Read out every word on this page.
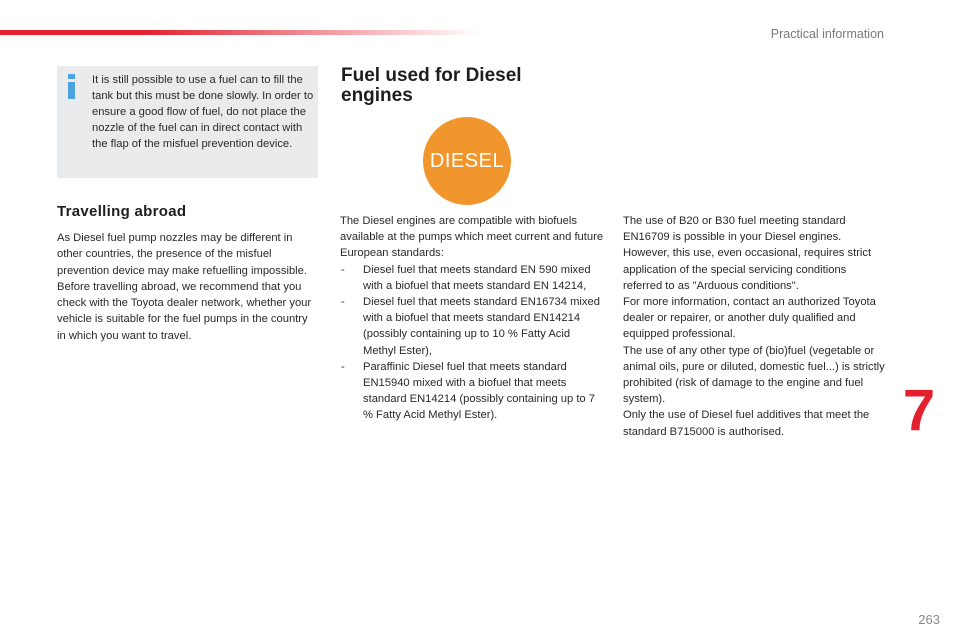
Practical information
It is still possible to use a fuel can to fill the tank but this must be done slowly. In order to ensure a good flow of fuel, do not place the nozzle of the fuel can in direct contact with the flap of the misfuel prevention device.
Travelling abroad
As Diesel fuel pump nozzles may be different in other countries, the presence of the misfuel prevention device may make refuelling impossible.
Before travelling abroad, we recommend that you check with the Toyota dealer network, whether your vehicle is suitable for the fuel pumps in the country in which you want to travel.
Fuel used for Diesel engines
DIESEL
The Diesel engines are compatible with biofuels available at the pumps which meet current and future European standards:
- Diesel fuel that meets standard EN 590 mixed with a biofuel that meets standard EN 14214,
- Diesel fuel that meets standard EN16734 mixed with a biofuel that meets standard EN14214 (possibly containing up to 10 % Fatty Acid Methyl Ester),
- Paraffinic Diesel fuel that meets standard EN15940 mixed with a biofuel that meets standard EN14214 (possibly containing up to 7 % Fatty Acid Methyl Ester).
The use of B20 or B30 fuel meeting standard EN16709 is possible in your Diesel engines. However, this use, even occasional, requires strict application of the special servicing conditions referred to as "Arduous conditions".
For more information, contact an authorized Toyota dealer or repairer, or another duly qualified and equipped professional.
The use of any other type of (bio)fuel (vegetable or animal oils, pure or diluted, domestic fuel...) is strictly prohibited (risk of damage to the engine and fuel system).
Only the use of Diesel fuel additives that meet the standard B715000 is authorised.	7
263
